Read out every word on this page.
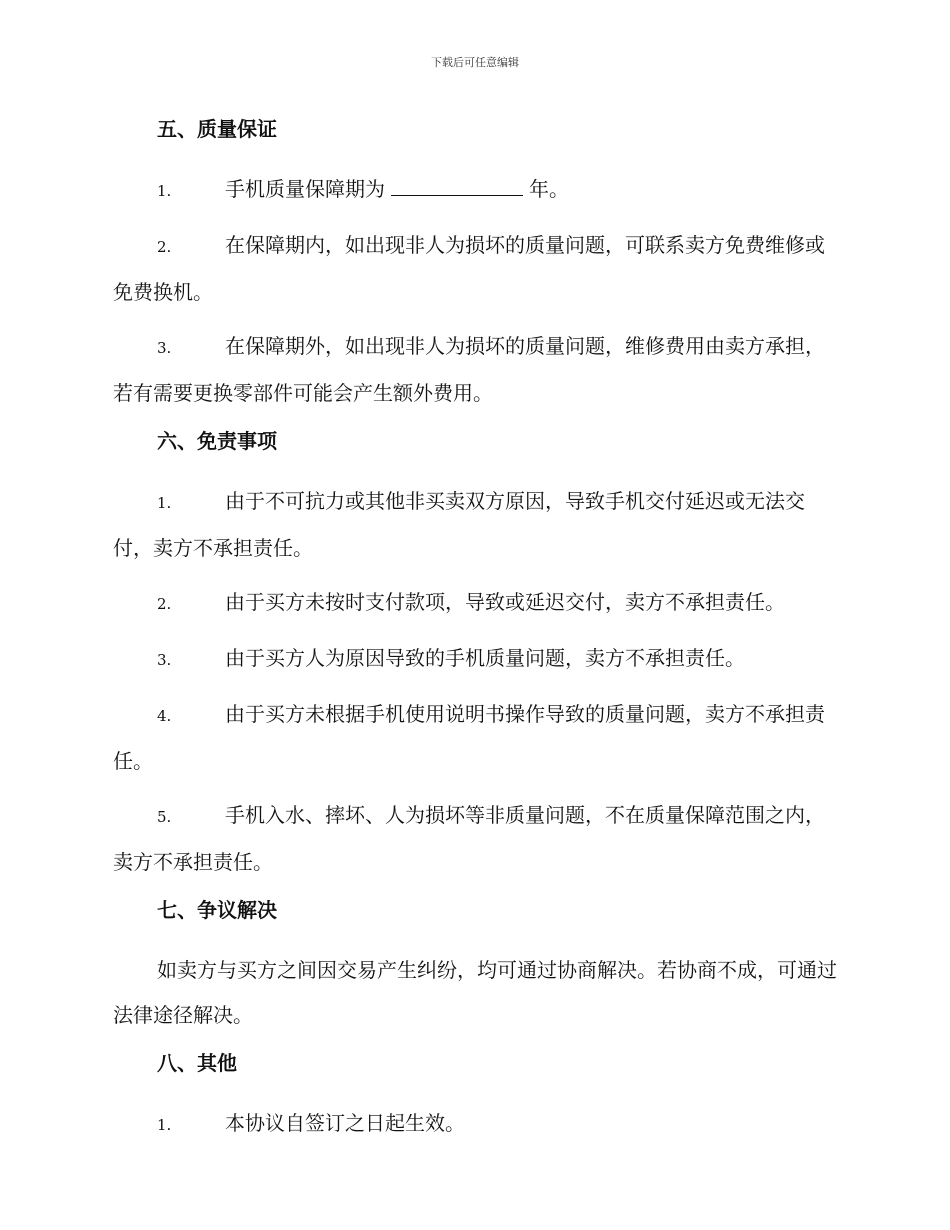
下载后可任意编辑
五、质量保证
1.	手机质量保障期为	年。
2.	在保障期内，如出现非人为损坏的质量问题，可联系卖方免费维修或免费换机。
3.	在保障期外，如出现非人为损坏的质量问题，维修费用由卖方承担，若有需要更换零部件可能会产生额外费用。
六、免责事项
1.	由于不可抗力或其他非买卖双方原因，导致手机交付延迟或无法交付，卖方不承担责任。
2.	由于买方未按时支付款项，导致或延迟交付，卖方不承担责任。
3.	由于买方人为原因导致的手机质量问题，卖方不承担责任。
4.	由于买方未根据手机使用说明书操作导致的质量问题，卖方不承担责任。
5.	手机入水、摔坏、人为损坏等非质量问题，不在质量保障范围之内，卖方不承担责任。
七、争议解决
如卖方与买方之间因交易产生纠纷，均可通过协商解决。若协商不成，可通过法律途径解决。
八、其他
1.	本协议自签订之日起生效。
